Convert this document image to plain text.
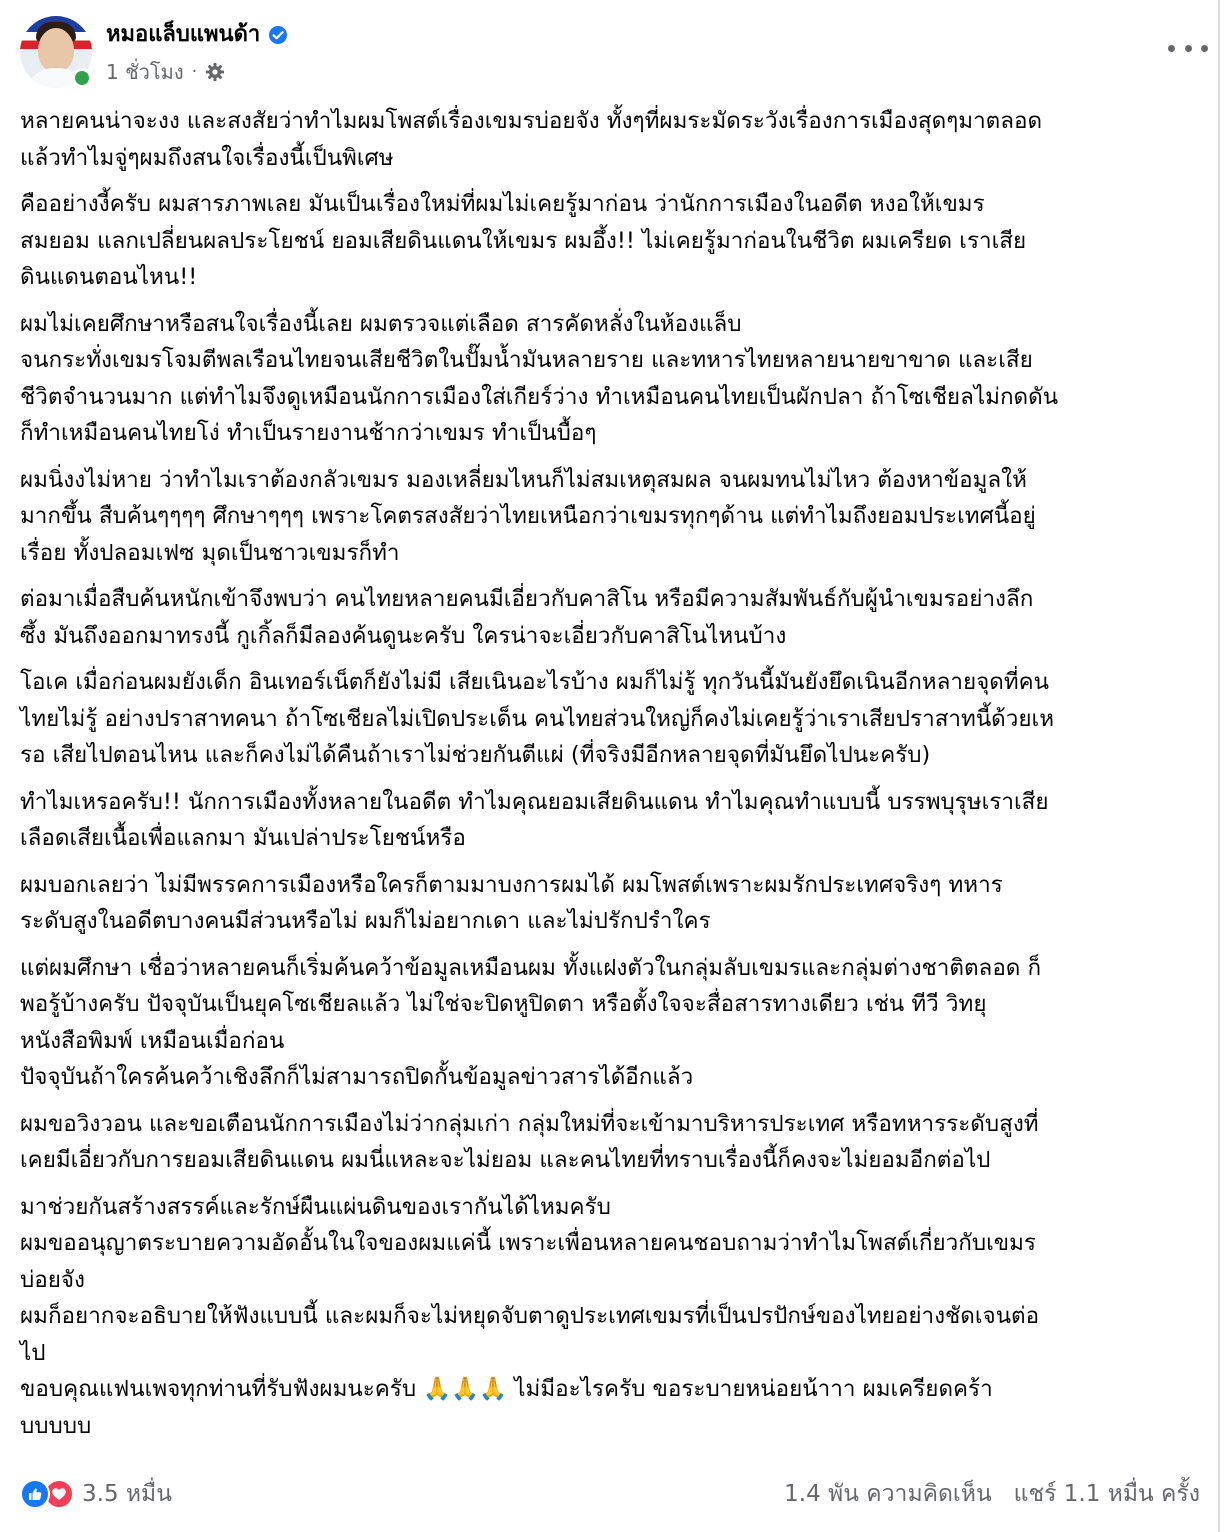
หมอแล็บแพนด้า
1 ชั่วโมง ·

หลายคนน่าจะงง และสงสัยว่าทำไมผมโพสต์เรื่องเขมรบ่อยจัง ทั้งๆที่ผมระมัดระวังเรื่องการเมืองสุดๆมาตลอด
แล้วทำไมจู่ๆผมถึงสนใจเรื่องนี้เป็นพิเศษ

คืออย่างงี้ครับ ผมสารภาพเลย มันเป็นเรื่องใหม่ที่ผมไม่เคยรู้มาก่อน ว่านักการเมืองในอดีต หงอให้เขมร
สมยอม แลกเปลี่ยนผลประโยชน์ ยอมเสียดินแดนให้เขมร ผมอึ้ง!! ไม่เคยรู้มาก่อนในชีวิต ผมเครียด เราเสีย
ดินแดนตอนไหน!!

ผมไม่เคยศึกษาหรือสนใจเรื่องนี้เลย ผมตรวจแต่เลือด สารคัดหลั่งในห้องแล็บ
จนกระทั่งเขมรโจมตีพลเรือนไทยจนเสียชีวิตในปั๊มน้ำมันหลายราย และทหารไทยหลายนายขาขาด และเสีย
ชีวิตจำนวนมาก แต่ทำไมจึงดูเหมือนนักการเมืองใส่เกียร์ว่าง ทำเหมือนคนไทยเป็นผักปลา ถ้าโซเชียลไม่กดดัน
ก็ทำเหมือนคนไทยโง่ ทำเป็นรายงานช้ากว่าเขมร ทำเป็นบื้อๆ

ผมนิ่งงไม่หาย ว่าทำไมเราต้องกลัวเขมร มองเหลี่ยมไหนก็ไม่สมเหตุสมผล จนผมทนไม่ไหว ต้องหาข้อมูลให้
มากขึ้น สืบค้นๆๆๆๆ ศึกษาๆๆๆ เพราะโคตรสงสัยว่าไทยเหนือกว่าเขมรทุกๆด้าน แต่ทำไมถึงยอมประเทศนี้อยู่
เรื่อย ทั้งปลอมเฟซ มุดเป็นชาวเขมรก็ทำ

ต่อมาเมื่อสืบค้นหนักเข้าจึงพบว่า คนไทยหลายคนมีเอี่ยวกับคาสิโน หรือมีความสัมพันธ์กับผู้นำเขมรอย่างลึก
ซึ้ง มันถึงออกมาทรงนี้ กูเกิ้ลก็มีลองค้นดูนะครับ ใครน่าจะเอี่ยวกับคาสิโนไหนบ้าง

โอเค เมื่อก่อนผมยังเด็ก อินเทอร์เน็ตก็ยังไม่มี เสียเนินอะไรบ้าง ผมก็ไม่รู้ ทุกวันนี้มันยังยึดเนินอีกหลายจุดที่คน
ไทยไม่รู้ อย่างปราสาทคนา ถ้าโซเชียลไม่เปิดประเด็น คนไทยส่วนใหญ่ก็คงไม่เคยรู้ว่าเราเสียปราสาทนี้ด้วยเห
รอ เสียไปตอนไหน และก็คงไม่ได้คืนถ้าเราไม่ช่วยกันตีแผ่ (ที่จริงมีอีกหลายจุดที่มันยึดไปนะครับ)

ทำไมเหรอครับ!! นักการเมืองทั้งหลายในอดีต ทำไมคุณยอมเสียดินแดน ทำไมคุณทำแบบนี้ บรรพบุรุษเราเสีย
เลือดเสียเนื้อเพื่อแลกมา มันเปล่าประโยชน์หรือ

ผมบอกเลยว่า ไม่มีพรรคการเมืองหรือใครก็ตามมาบงการผมได้ ผมโพสต์เพราะผมรักประเทศจริงๆ ทหาร
ระดับสูงในอดีตบางคนมีส่วนหรือไม่ ผมก็ไม่อยากเดา และไม่ปรักปรำใคร

แต่ผมศึกษา เชื่อว่าหลายคนก็เริ่มค้นคว้าข้อมูลเหมือนผม ทั้งแฝงตัวในกลุ่มลับเขมรและกลุ่มต่างชาติตลอด ก็
พอรู้บ้างครับ ปัจจุบันเป็นยุคโซเชียลแล้ว ไม่ใช่จะปิดหูปิดตา หรือตั้งใจจะสื่อสารทางเดียว เช่น ทีวี วิทยุ
หนังสือพิมพ์ เหมือนเมื่อก่อน
ปัจจุบันถ้าใครค้นคว้าเชิงลึกก็ไม่สามารถปิดกั้นข้อมูลข่าวสารได้อีกแล้ว

ผมขอวิงวอน และขอเตือนนักการเมืองไม่ว่ากลุ่มเก่า กลุ่มใหม่ที่จะเข้ามาบริหารประเทศ หรือทหารระดับสูงที่
เคยมีเอี่ยวกับการยอมเสียดินแดน ผมนี่แหละจะไม่ยอม และคนไทยที่ทราบเรื่องนี้ก็คงจะไม่ยอมอีกต่อไป

มาช่วยกันสร้างสรรค์และรักษ์ผืนแผ่นดินของเรากันได้ไหมครับ
ผมขออนุญาตระบายความอัดอั้นในใจของผมแค่นี้ เพราะเพื่อนหลายคนชอบถามว่าทำไมโพสต์เกี่ยวกับเขมร
บ่อยจัง
ผมก็อยากจะอธิบายให้ฟังแบบนี้ และผมก็จะไม่หยุดจับตาดูประเทศเขมรที่เป็นปรปักษ์ของไทยอย่างชัดเจนต่อ
ไป
ขอบคุณแฟนเพจทุกท่านที่รับฟังผมนะครับ 🙏🙏🙏 ไม่มีอะไรครับ ขอระบายหน่อยน้าาา ผมเครียดคร้า
บบบบบ

3.5 หมื่น	1.4 พัน ความคิดเห็น แชร์ 1.1 หมื่น ครั้ง
